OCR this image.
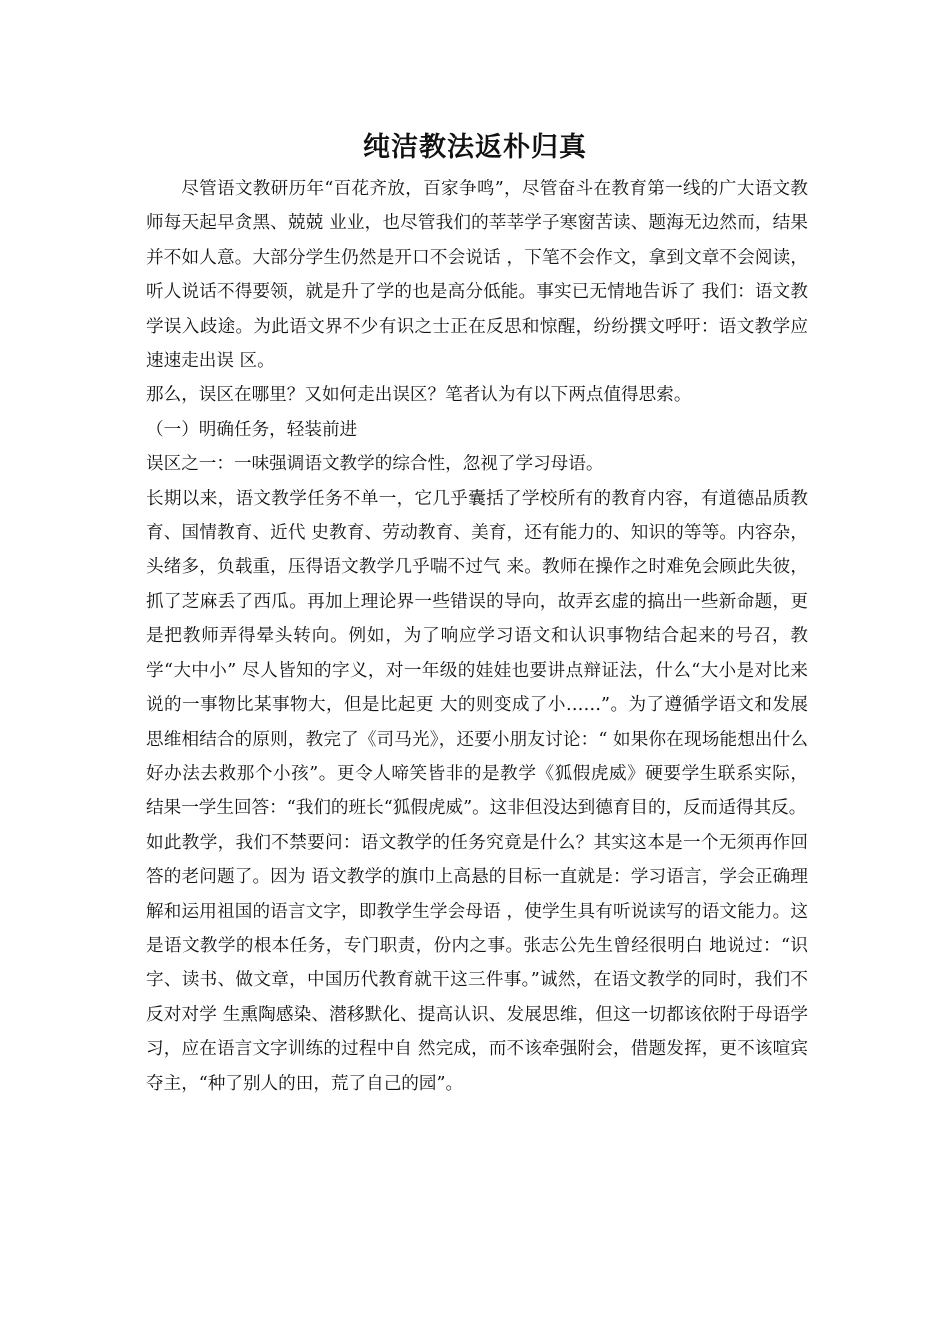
纯洁教法返朴归真

尽管语文教研历年“百花齐放，百家争鸣”，尽管奋斗在教育第一线的广大语文教师每天起早贪黑、兢兢 业业，也尽管我们的莘莘学子寒窗苦读、题海无边然而，结果并不如人意。大部分学生仍然是开口不会说话 ，下笔不会作文，拿到文章不会阅读，听人说话不得要领，就是升了学的也是高分低能。事实已无情地告诉了 我们：语文教学误入歧途。为此语文界不少有识之士正在反思和惊醒，纷纷撰文呼吁：语文教学应速速走出误 区。

那么，误区在哪里？又如何走出误区？笔者认为有以下两点值得思索。

（一）明确任务，轻装前进

误区之一：一味强调语文教学的综合性，忽视了学习母语。

长期以来，语文教学任务不单一，它几乎囊括了学校所有的教育内容，有道德品质教育、国情教育、近代 史教育、劳动教育、美育，还有能力的、知识的等等。内容杂，头绪多，负载重，压得语文教学几乎喘不过气 来。教师在操作之时难免会顾此失彼，抓了芝麻丢了西瓜。再加上理论界一些错误的导向，故弄玄虚的搞出一些新命题，更是把教师弄得晕头转向。例如，为了响应学习语文和认识事物结合起来的号召，教学“大中小” 尽人皆知的字义，对一年级的娃娃也要讲点辩证法，什么“大小是对比来说的一事物比某事物大，但是比起更 大的则变成了小……”。为了遵循学语文和发展思维相结合的原则，教完了《司马光》，还要小朋友讨论：“ 如果你在现场能想出什么好办法去救那个小孩”。更令人啼笑皆非的是教学《狐假虎威》硬要学生联系实际， 结果一学生回答：“我们的班长“狐假虎威”。这非但没达到德育目的，反而适得其反。

如此教学，我们不禁要问：语文教学的任务究竟是什么？其实这本是一个无须再作回答的老问题了。因为 语文教学的旗巾上高悬的目标一直就是：学习语言，学会正确理解和运用祖国的语言文字，即教学生学会母语 ，使学生具有听说读写的语文能力。这是语文教学的根本任务，专门职责，份内之事。张志公先生曾经很明白 地说过：“识字、读书、做文章，中国历代教育就干这三件事。”诚然，在语文教学的同时，我们不反对对学 生熏陶感染、潜移默化、提高认识、发展思维，但这一切都该依附于母语学习，应在语言文字训练的过程中自 然完成，而不该牵强附会，借题发挥，更不该喧宾夺主，“种了别人的田，荒了自己的园”。
